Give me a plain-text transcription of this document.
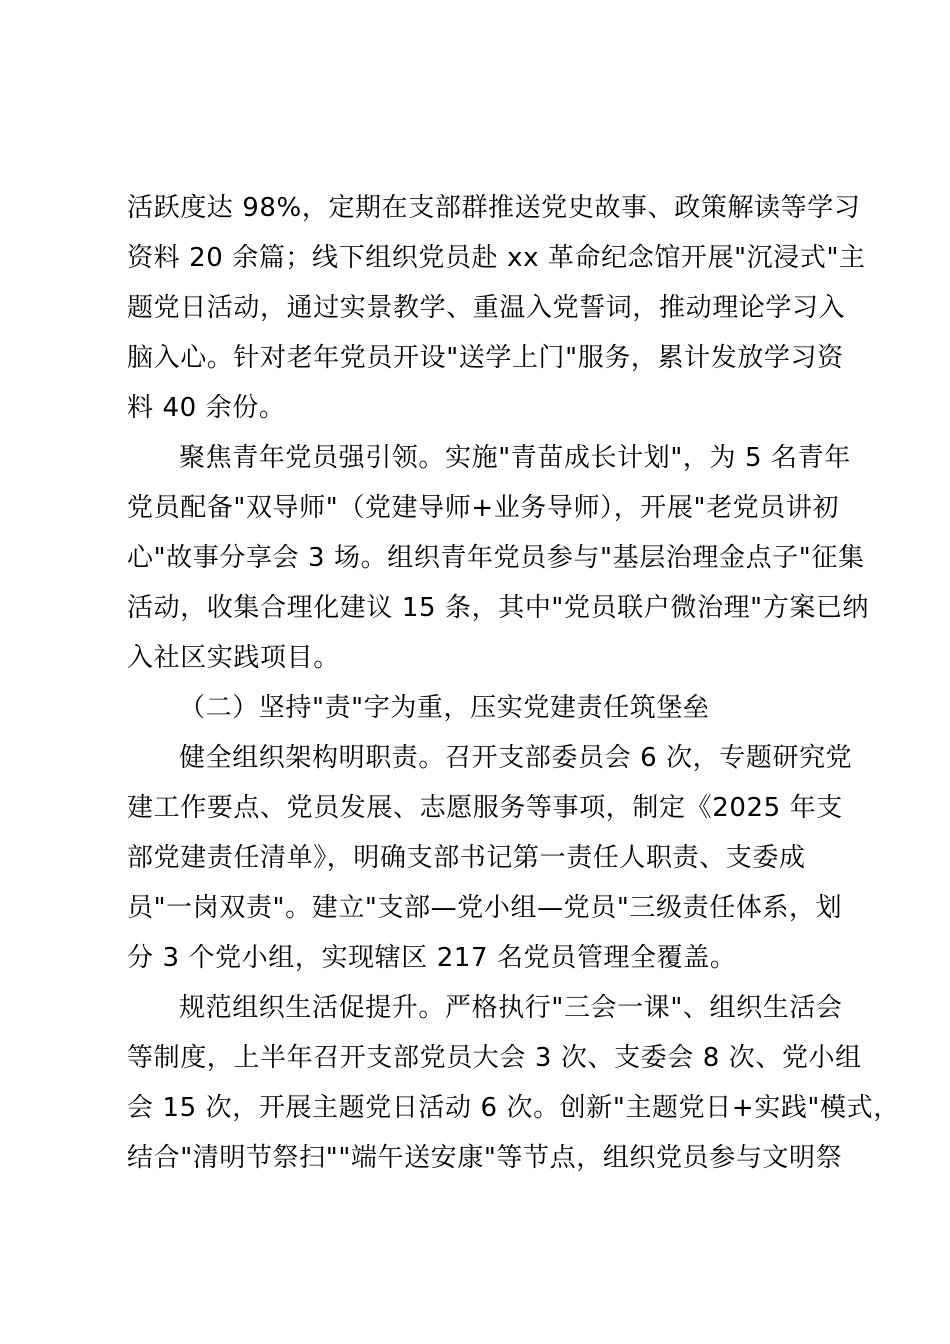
活跃度达 98%，定期在支部群推送党史故事、政策解读等学习
资料 20 余篇；线下组织党员赴 xx 革命纪念馆开展"沉浸式"主
题党日活动，通过实景教学、重温入党誓词，推动理论学习入
脑入心。针对老年党员开设"送学上门"服务，累计发放学习资
料 40 余份。
聚焦青年党员强引领。实施"青苗成长计划"，为 5 名青年
党员配备"双导师"（党建导师+业务导师），开展"老党员讲初
心"故事分享会 3 场。组织青年党员参与"基层治理金点子"征集
活动，收集合理化建议 15 条，其中"党员联户微治理"方案已纳
入社区实践项目。
（二）坚持"责"字为重，压实党建责任筑堡垒
健全组织架构明职责。召开支部委员会 6 次，专题研究党
建工作要点、党员发展、志愿服务等事项，制定《2025 年支
部党建责任清单》，明确支部书记第一责任人职责、支委成
员"一岗双责"。建立"支部—党小组—党员"三级责任体系，划
分 3 个党小组，实现辖区 217 名党员管理全覆盖。
规范组织生活促提升。严格执行"三会一课"、组织生活会
等制度，上半年召开支部党员大会 3 次、支委会 8 次、党小组
会 15 次，开展主题党日活动 6 次。创新"主题党日+实践"模式，
结合"清明节祭扫""端午送安康"等节点，组织党员参与文明祭
